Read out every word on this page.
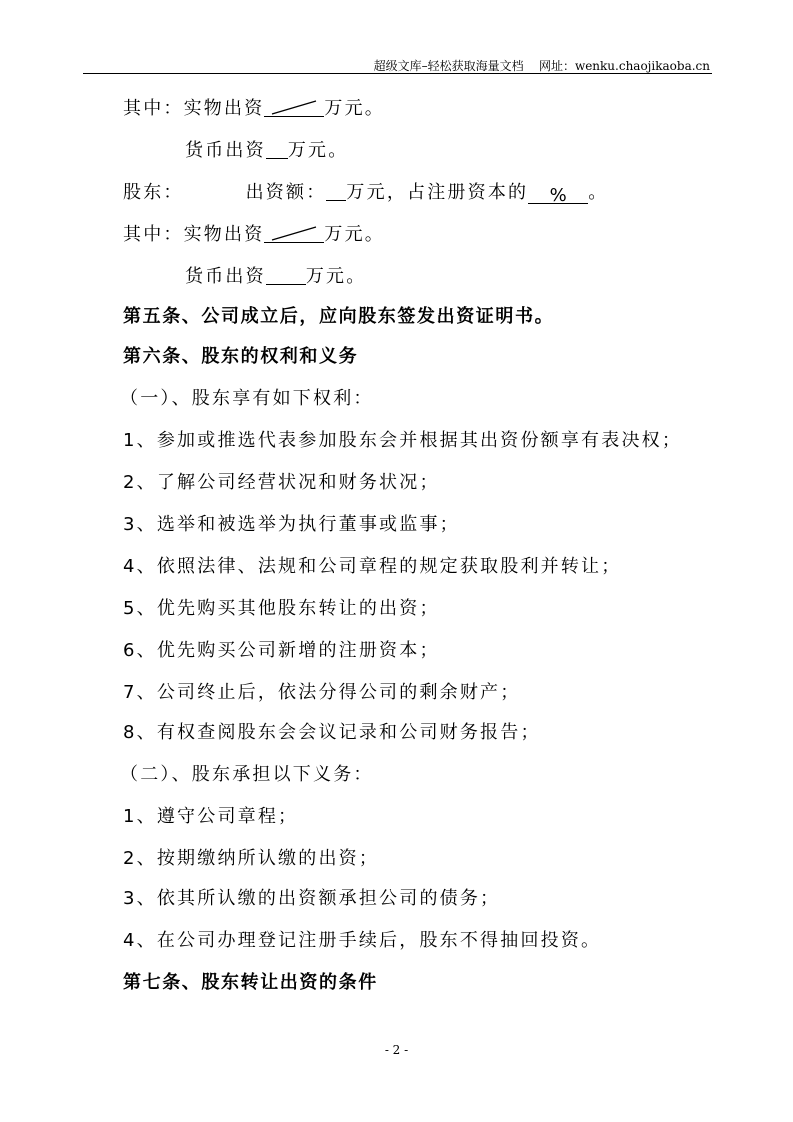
超级文库–轻松获取海量文档 网址：wenku.chaojikaoba.cn
其中：实物出资	万元。
货币出资 万元。
股东：	出资额： 万元，占注册资本的 % 。
其中：实物出资	万元。
货币出资 万元。
第五条、公司成立后，应向股东签发出资证明书。
第六条、股东的权利和义务
（一）、股东享有如下权利：
1、参加或推选代表参加股东会并根据其出资份额享有表决权；
2、了解公司经营状况和财务状况；
3、选举和被选举为执行董事或监事；
4、依照法律、法规和公司章程的规定获取股利并转让；
5、优先购买其他股东转让的出资；
6、优先购买公司新增的注册资本；
7、公司终止后，依法分得公司的剩余财产；
8、有权查阅股东会会议记录和公司财务报告；
（二）、股东承担以下义务：
1、遵守公司章程；
2、按期缴纳所认缴的出资；
3、依其所认缴的出资额承担公司的债务；
4、在公司办理登记注册手续后，股东不得抽回投资。
第七条、股东转让出资的条件
- 2 -
